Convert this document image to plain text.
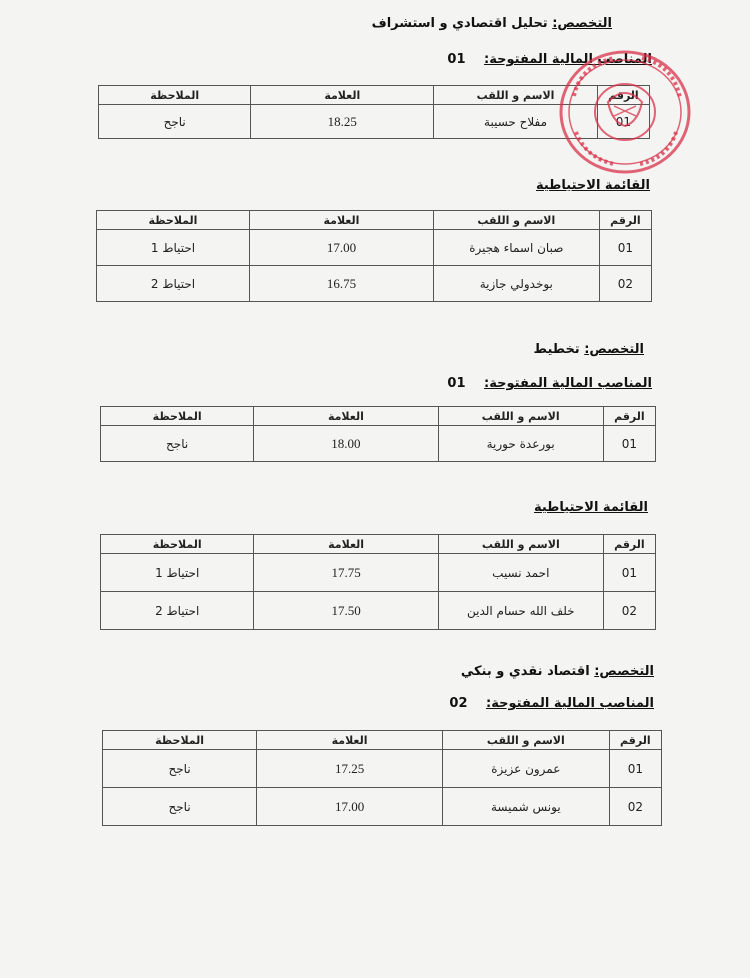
التخصص: تحليل اقتصادي و استشراف
المناصب المالية المفتوحة: 01
الرقم	الاسم و اللقب	العلامة	الملاحظة
01	مفلاح حسيبة	18.25	ناجح
القائمة الاحتياطية
الرقم	الاسم و اللقب	العلامة	الملاحظة
01	صبان اسماء هجيرة	17.00	احتياط 1
02	بوخدولي جازية	16.75	احتياط 2
التخصص: تخطيط
المناصب المالية المفتوحة: 01
الرقم	الاسم و اللقب	العلامة	الملاحظة
01	بورعدة حورية	18.00	ناجح
القائمة الاحتياطية
الرقم	الاسم و اللقب	العلامة	الملاحظة
01	احمد نسيب	17.75	احتياط 1
02	خلف الله حسام الدين	17.50	احتياط 2
التخصص: اقتصاد نقدي و بنكي
المناصب المالية المفتوحة: 02
الرقم	الاسم و اللقب	العلامة	الملاحظة
01	عمرون عزيزة	17.25	ناجح
02	يونس شميسة	17.00	ناجح
